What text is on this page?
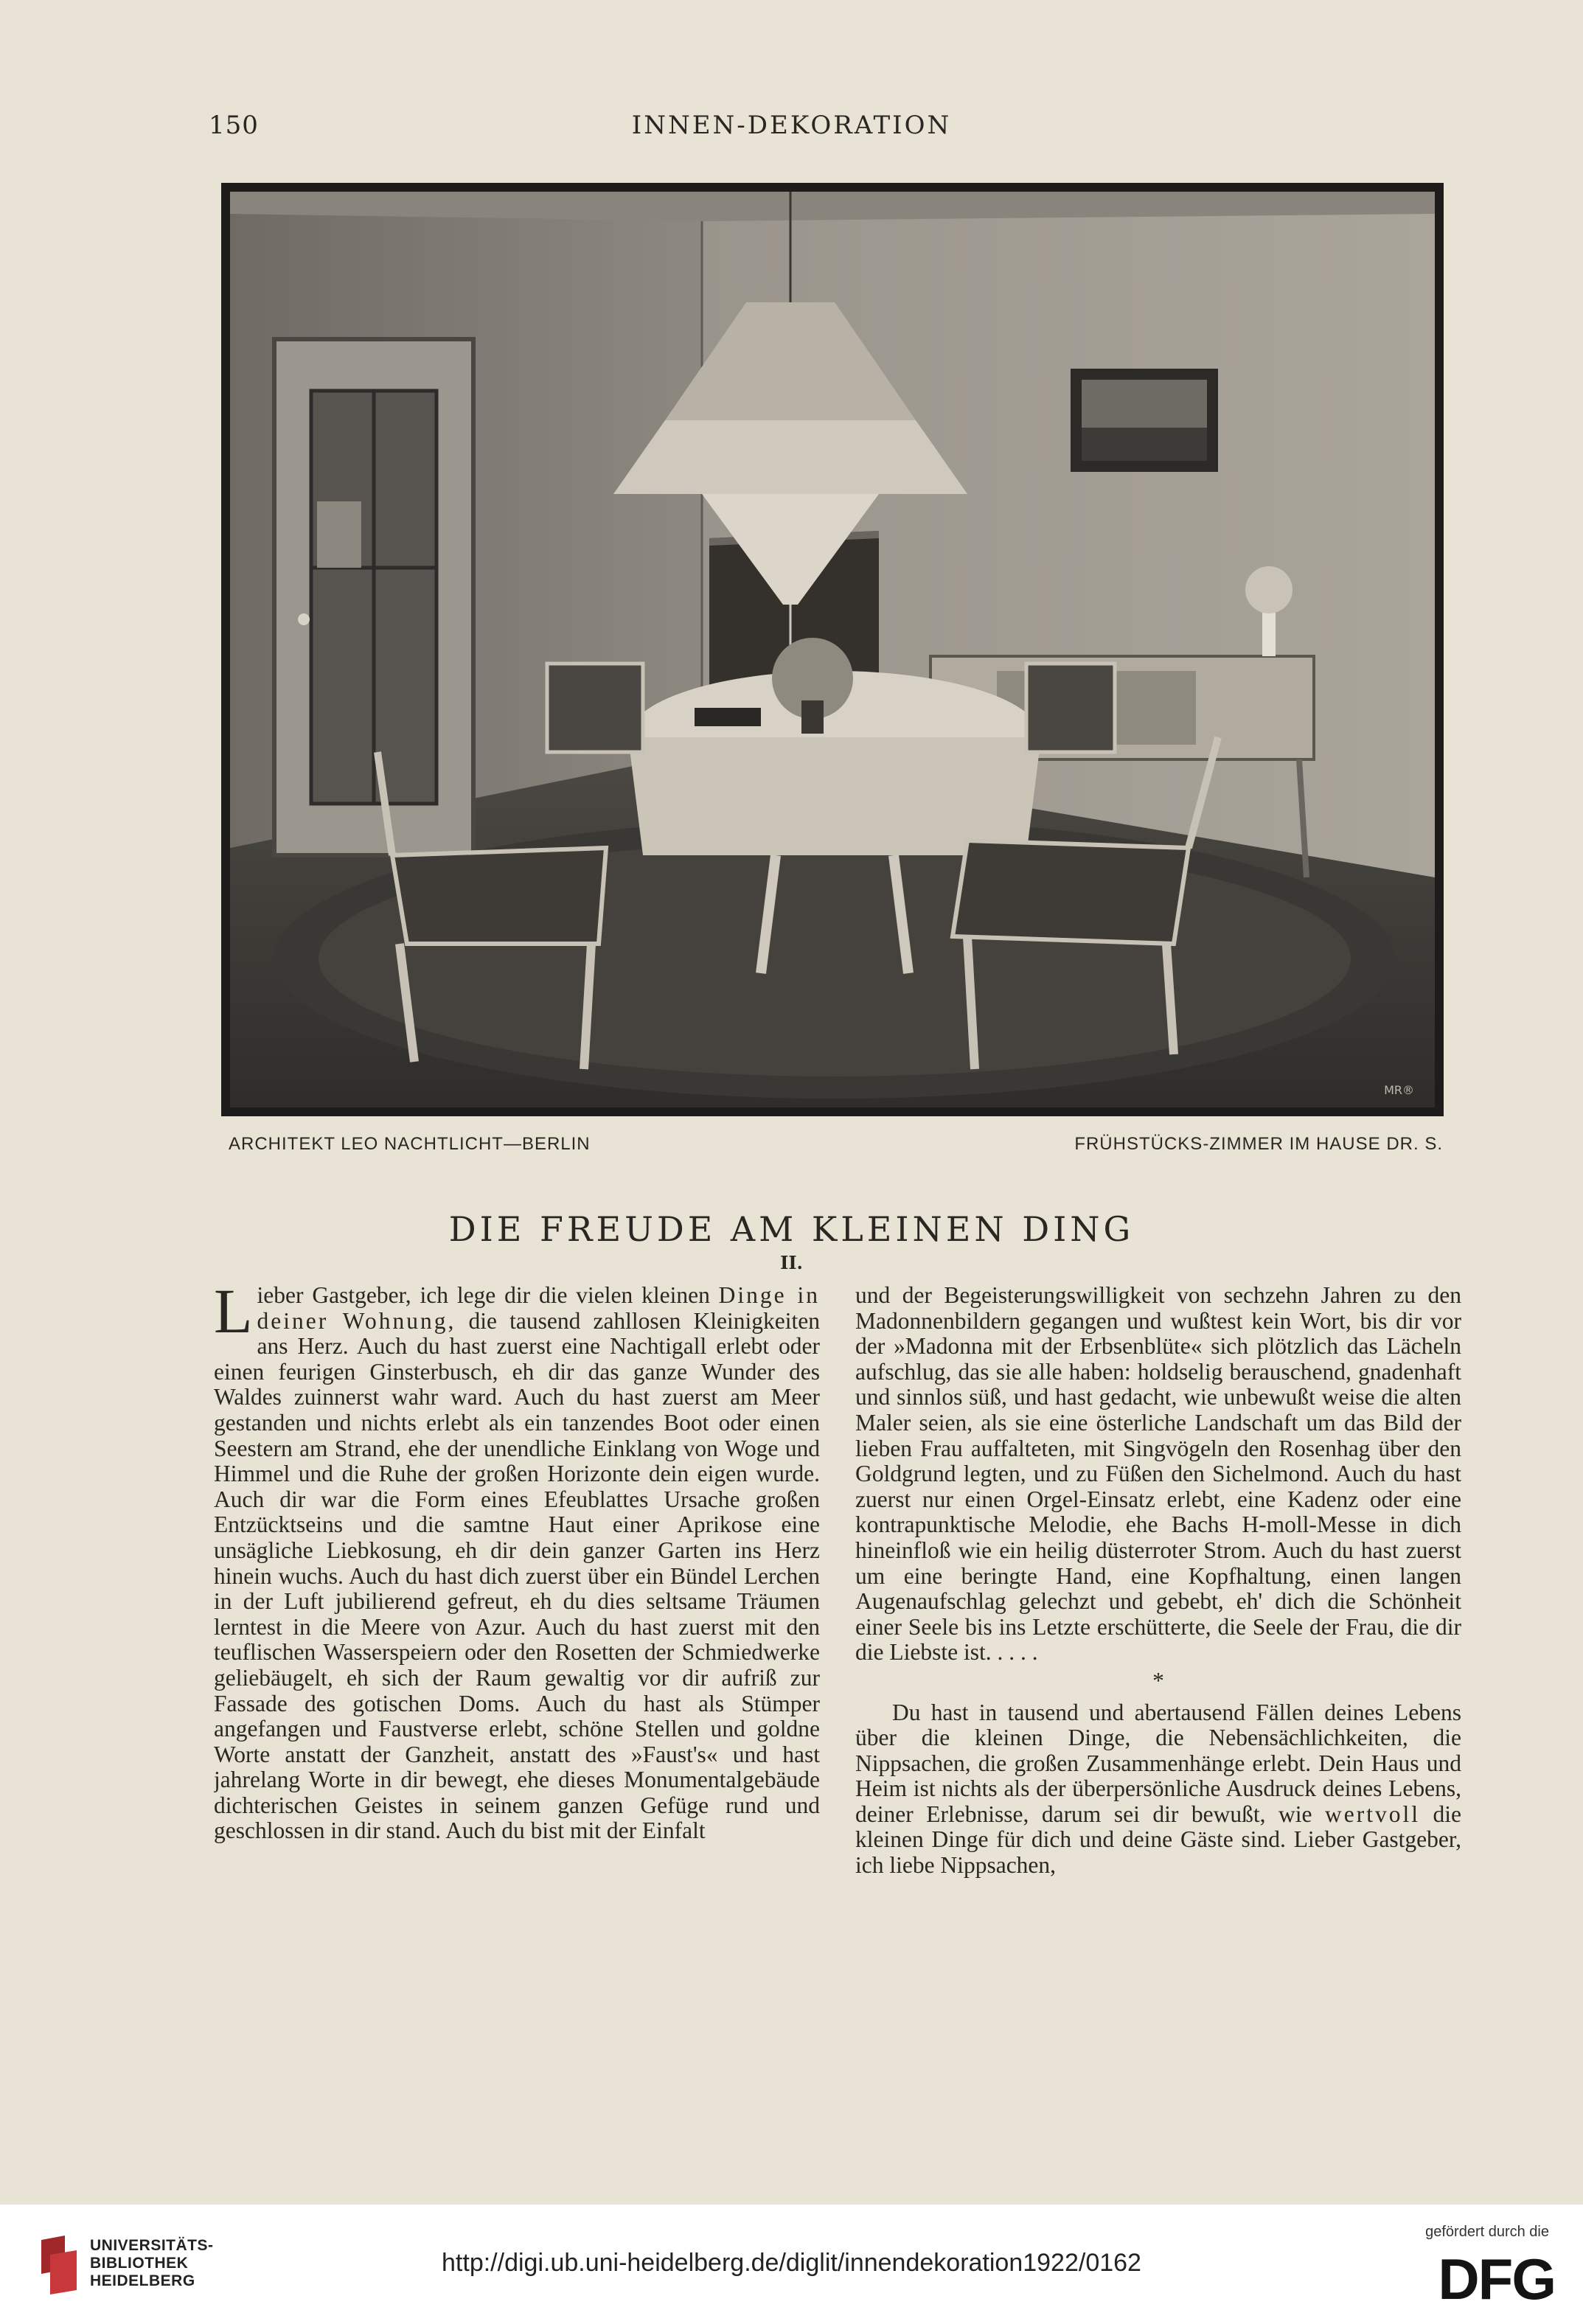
150	INNEN-DEKORATION
MR®
ARCHITEKT LEO NACHTLICHT—BERLIN	FRÜHSTÜCKS-ZIMMER IM HAUSE DR. S.
DIE FREUDE AM KLEINEN DING
II.

Lieber Gastgeber, ich lege dir die vielen kleinen Dinge in deiner Wohnung, die tausend zahllosen Kleinigkeiten ans Herz. Auch du hast zuerst eine Nachtigall erlebt oder einen feurigen Ginsterbusch, eh dir das ganze Wunder des Waldes zuinnerst wahr ward. Auch du hast zuerst am Meer gestanden und nichts erlebt als ein tanzendes Boot oder einen Seestern am Strand, ehe der unendliche Einklang von Woge und Himmel und die Ruhe der großen Horizonte dein eigen wurde. Auch dir war die Form eines Efeublattes Ursache großen Entzücktseins und die samtne Haut einer Aprikose eine unsägliche Liebkosung, eh dir dein ganzer Garten ins Herz hinein wuchs. Auch du hast dich zuerst über ein Bündel Lerchen in der Luft jubilierend gefreut, eh du dies seltsame Träumen lerntest in die Meere von Azur. Auch du hast zuerst mit den teuflischen Wasserspeiern oder den Rosetten der Schmiedwerke geliebäugelt, eh sich der Raum gewaltig vor dir aufriß zur Fassade des gotischen Doms. Auch du hast als Stümper angefangen und Faustverse erlebt, schöne Stellen und goldne Worte anstatt der Ganzheit, anstatt des »Faust's« und hast jahrelang Worte in dir bewegt, ehe dieses Monumentalgebäude dichterischen Geistes in seinem ganzen Gefüge rund und geschlossen in dir stand. Auch du bist mit der Einfalt

und der Begeisterungswilligkeit von sechzehn Jahren zu den Madonnenbildern gegangen und wußtest kein Wort, bis dir vor der »Madonna mit der Erbsenblüte« sich plötzlich das Lächeln aufschlug, das sie alle haben: holdselig berauschend, gnadenhaft und sinnlos süß, und hast gedacht, wie unbewußt weise die alten Maler seien, als sie eine österliche Landschaft um das Bild der lieben Frau auffalteten, mit Singvögeln den Rosenhag über den Goldgrund legten, und zu Füßen den Sichelmond. Auch du hast zuerst nur einen Orgel-Einsatz erlebt, eine Kadenz oder eine kontrapunktische Melodie, ehe Bachs H-moll-Messe in dich hineinfloß wie ein heilig düsterroter Strom. Auch du hast zuerst um eine beringte Hand, eine Kopfhaltung, einen langen Augenaufschlag gelechzt und gebebt, eh' dich die Schönheit einer Seele bis ins Letzte erschütterte, die Seele der Frau, die dir die Liebste ist. . . . .

*

Du hast in tausend und abertausend Fällen deines Lebens über die kleinen Dinge, die Nebensächlichkeiten, die Nippsachen, die großen Zusammenhänge erlebt. Dein Haus und Heim ist nichts als der überpersönliche Ausdruck deines Lebens, deiner Erlebnisse, darum sei dir bewußt, wie wertvoll die kleinen Dinge für dich und deine Gäste sind. Lieber Gastgeber, ich liebe Nippsachen,

UNIVERSITÄTS-
BIBLIOTHEK
HEIDELBERG
http://digi.ub.uni-heidelberg.de/diglit/innendekoration1922/0162
gefördert durch die
DFG
